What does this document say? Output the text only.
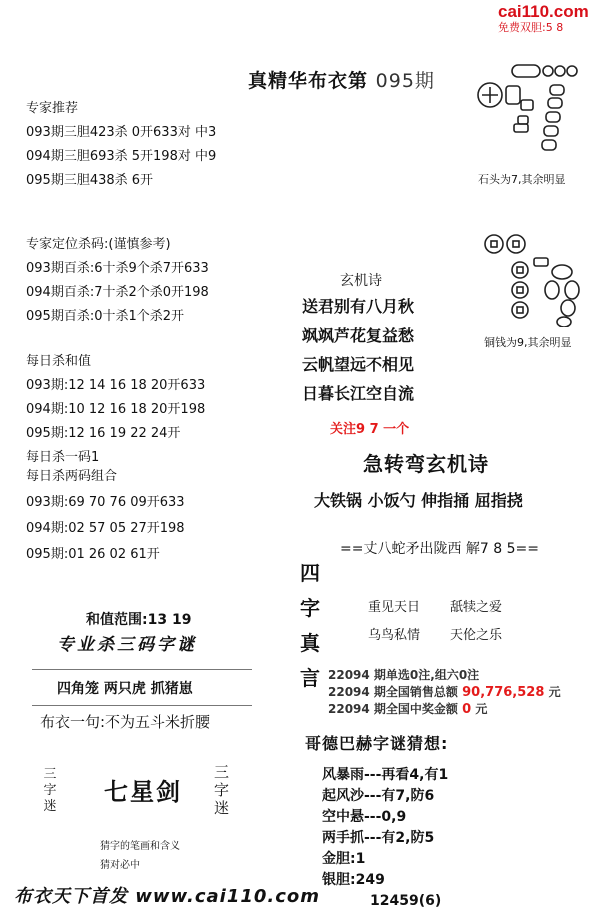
cai110.com
免费双胆:5 8
真精华布衣第 095期
专家推荐
093期三胆423杀 0开633对 中3
094期三胆693杀 5开198对 中9
095期三胆438杀 6开
专家定位杀码:(谨慎参考)
093期百杀:6十杀9个杀7开633
094期百杀:7十杀2个杀0开198
095期百杀:0十杀1个杀2开
每日杀和值
093期:12 14 16 18 20开633
094期:10 12 16 18 20开198
095期:12 16 19 22 24开
每日杀一码1
每日杀两码组合
093期:69 70 76 09开633
094期:02 57 05 27开198
095期:01 26 02 61开
石头为7,其余明显
铜钱为9,其余明显
玄机诗
送君别有八月秋
飒飒芦花复益愁
云帆望远不相见
日暮长江空自流
关注9 7 一个
急转弯玄机诗
大铁锅 小饭勺 伸指捅 屈指挠
==丈八蛇矛出陇西 解7 8 5==
四
字
真
言
重见天日 舐犊之爱
乌鸟私情 天伦之乐
22094 期单选0注,组六0注
22094 期全国销售总额 90,776,528 元
22094 期全国中奖金额 0 元
哥德巴赫字谜猜想:
风暴雨---再看4,有1
起风沙---有7,防6
空中悬---0,9
两手抓---有2,防5
金胆:1
银胆:249
12459(6)
和值范围:13 19
专业杀三码字谜
四角笼 两只虎 抓猪崽
布衣一句:不为五斗米折腰
三字迷
七星剑
三字迷
猜字的笔画和含义
猜对必中
布衣天下首发 www.cai110.com
